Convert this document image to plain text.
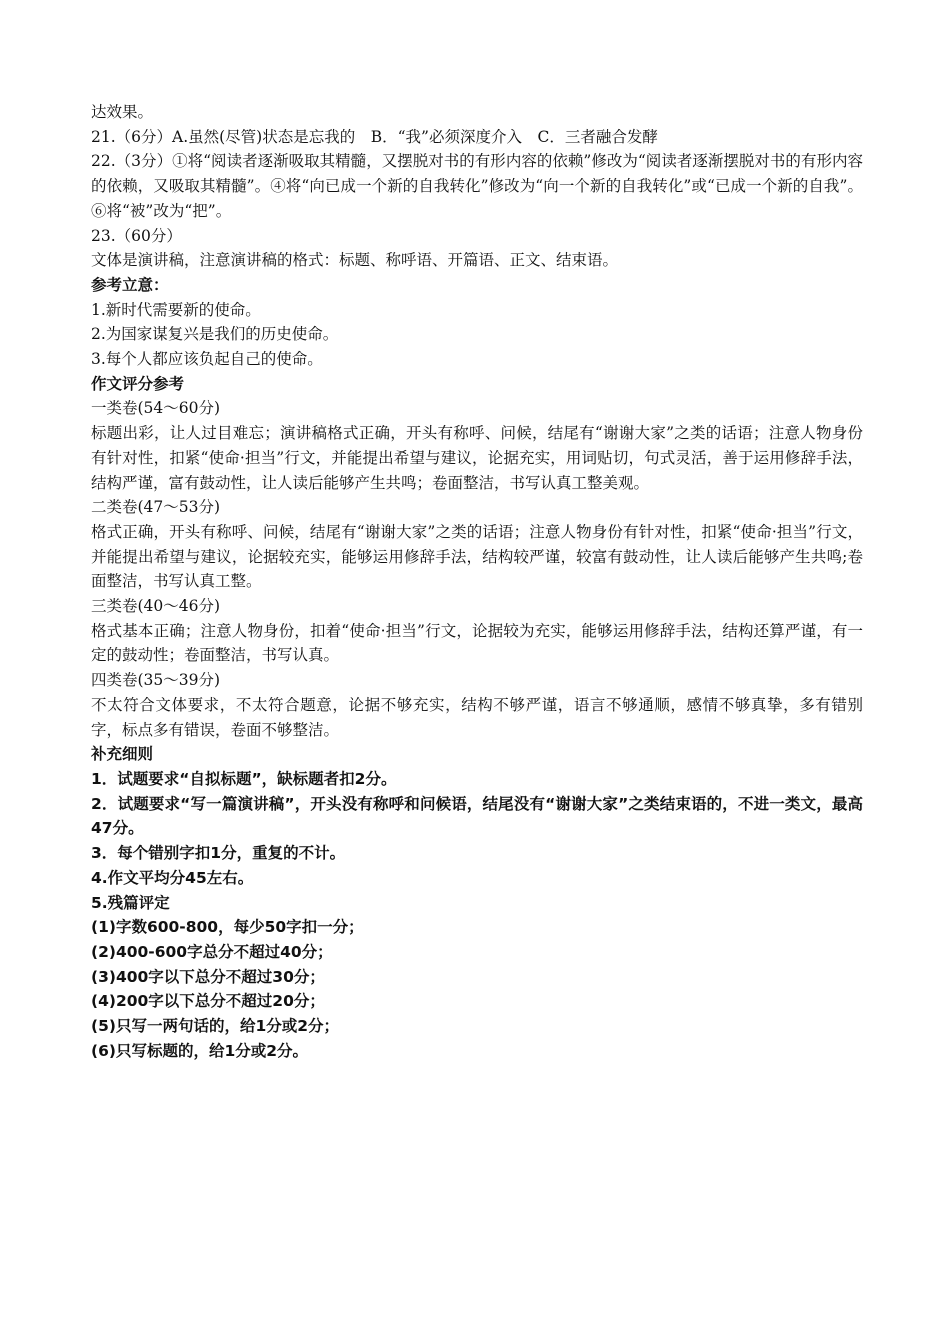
达效果。
21.（6分）A.虽然(尽管)状态是忘我的　B．“我”必须深度介入　C．三者融合发酵
22.（3分）①将“阅读者逐渐吸取其精髓，又摆脱对书的有形内容的依赖”修改为“阅读者逐渐摆脱对书的有形内容的依赖，又吸取其精髓”。④将“向已成一个新的自我转化”修改为“向一个新的自我转化”或“已成一个新的自我”。⑥将“被”改为“把”。
23.（60分）
文体是演讲稿，注意演讲稿的格式：标题、称呼语、开篇语、正文、结束语。
参考立意：
1.新时代需要新的使命。
2.为国家谋复兴是我们的历史使命。
3.每个人都应该负起自己的使命。
作文评分参考
一类卷(54～60分)
标题出彩，让人过目难忘；演讲稿格式正确，开头有称呼、问候，结尾有“谢谢大家”之类的话语；注意人物身份有针对性，扣紧“使命·担当”行文，并能提出希望与建议，论据充实，用词贴切，句式灵活，善于运用修辞手法，结构严谨，富有鼓动性，让人读后能够产生共鸣；卷面整洁，书写认真工整美观。
二类卷(47～53分)
格式正确，开头有称呼、问候，结尾有“谢谢大家”之类的话语；注意人物身份有针对性，扣紧“使命·担当”行文，并能提出希望与建议，论据较充实，能够运用修辞手法，结构较严谨，较富有鼓动性，让人读后能够产生共鸣;卷面整洁，书写认真工整。
三类卷(40～46分)
格式基本正确；注意人物身份，扣着“使命·担当”行文，论据较为充实，能够运用修辞手法，结构还算严谨，有一定的鼓动性；卷面整洁，书写认真。
四类卷(35～39分)
不太符合文体要求，不太符合题意，论据不够充实，结构不够严谨，语言不够通顺，感情不够真挚，多有错别字，标点多有错误，卷面不够整洁。
补充细则
1．试题要求“自拟标题”，缺标题者扣2分。
2．试题要求“写一篇演讲稿”，开头没有称呼和问候语，结尾没有“谢谢大家”之类结束语的，不进一类文，最高47分。
3．每个错别字扣1分，重复的不计。
4.作文平均分45左右。
5.残篇评定
(1)字数600-800，每少50字扣一分；
(2)400-600字总分不超过40分；
(3)400字以下总分不超过30分；
(4)200字以下总分不超过20分；
(5)只写一两句话的，给1分或2分；
(6)只写标题的，给1分或2分。
